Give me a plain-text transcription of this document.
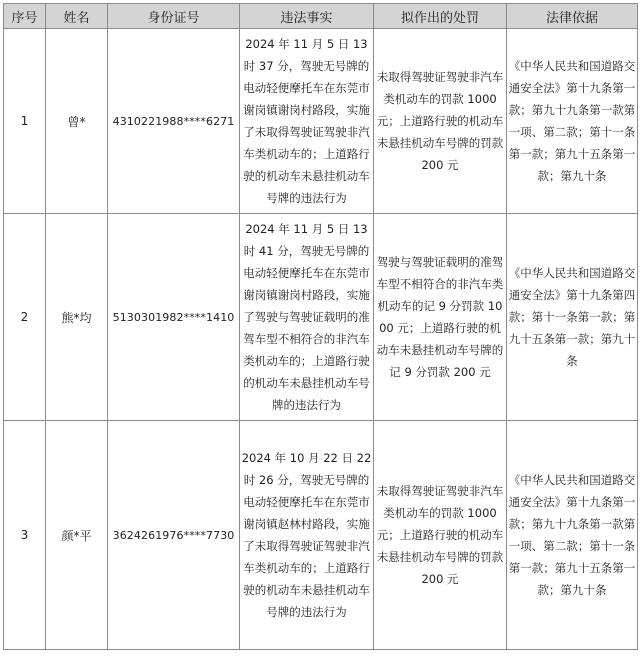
序号	姓名	身份证号	违法事实	拟作出的处罚	法律依据
1	曾*	4310221988****6271	2024 年 11 月 5 日 13 时 37 分，驾驶无号牌的电动轻便摩托车在东莞市谢岗镇谢岗村路段，实施了未取得驾驶证驾驶非汽车类机动车的；上道路行驶的机动车未悬挂机动车号牌的违法行为	未取得驾驶证驾驶非汽车类机动车的罚款 1000 元；上道路行驶的机动车未悬挂机动车号牌的罚款 200 元	《中华人民共和国道路交通安全法》第十九条第一款；第九十九条第一款第一项、第二款；第十一条第一款；第九十五条第一款；第九十条
2	熊*均	5130301982****1410	2024 年 11 月 5 日 13 时 41 分，驾驶无号牌的电动轻便摩托车在东莞市谢岗镇谢岗村路段，实施了驾驶与驾驶证载明的准驾车型不相符合的非汽车类机动车的；上道路行驶的机动车未悬挂机动车号牌的违法行为	驾驶与驾驶证载明的准驾车型不相符合的非汽车类机动车的记 9 分罚款 1000 元；上道路行驶的机动车未悬挂机动车号牌的记 9 分罚款 200 元	《中华人民共和国道路交通安全法》第十九条第四款；第十一条第一款；第九十五条第一款；第九十条
3	颜*平	3624261976****7730	2024 年 10 月 22 日 22 时 26 分，驾驶无号牌的电动轻便摩托车在东莞市谢岗镇赵林村路段，实施了未取得驾驶证驾驶非汽车类机动车的；上道路行驶的机动车未悬挂机动车号牌的违法行为	未取得驾驶证驾驶非汽车类机动车的罚款 1000 元；上道路行驶的机动车未悬挂机动车号牌的罚款 200 元	《中华人民共和国道路交通安全法》第十九条第一款；第九十九条第一款第一项、第二款；第十一条第一款；第九十五条第一款；第九十条
